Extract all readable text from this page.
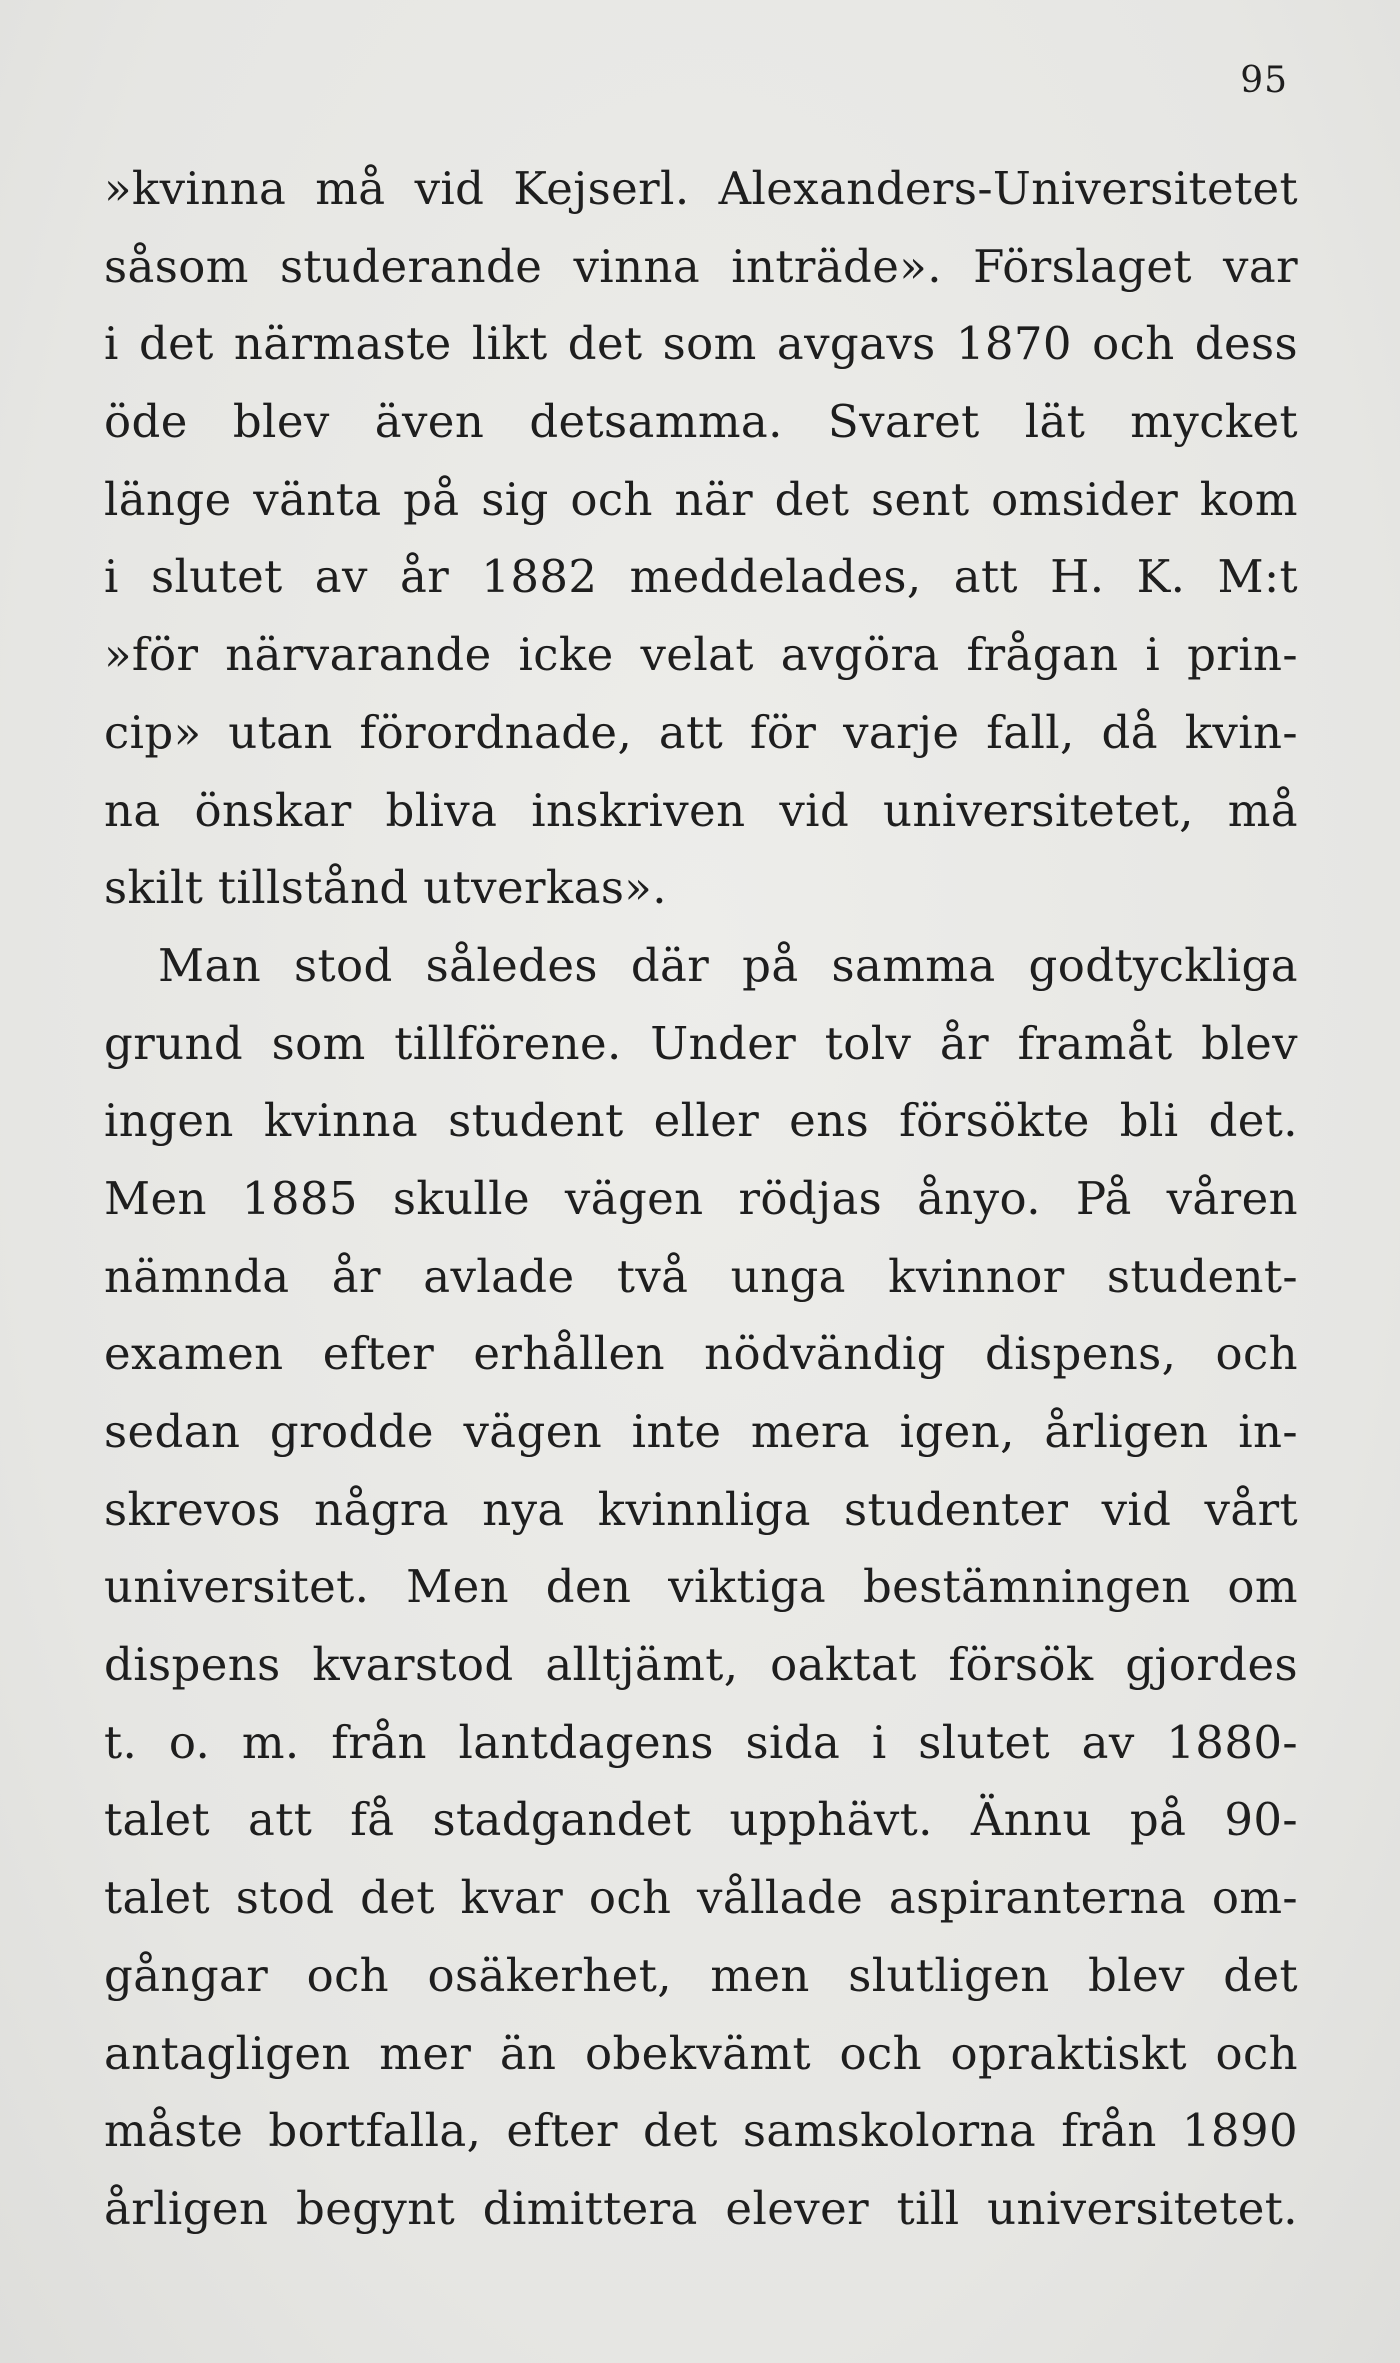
95
»kvinna må vid Kejserl. Alexanders-Universitetet
såsom studerande vinna inträde». Förslaget var
i det närmaste likt det som avgavs 1870 och dess
öde blev även detsamma. Svaret lät mycket
länge vänta på sig och när det sent omsider kom
i slutet av år 1882 meddelades, att H. K. M:t
»för närvarande icke velat avgöra frågan i prin-
cip» utan förordnade, att för varje fall, då kvin-
na önskar bliva inskriven vid universitetet, må
skilt tillstånd utverkas».
Man stod således där på samma godtyckliga
grund som tillförene. Under tolv år framåt blev
ingen kvinna student eller ens försökte bli det.
Men 1885 skulle vägen rödjas ånyo. På våren
nämnda år avlade två unga kvinnor student-
examen efter erhållen nödvändig dispens, och
sedan grodde vägen inte mera igen, årligen in-
skrevos några nya kvinnliga studenter vid vårt
universitet. Men den viktiga bestämningen om
dispens kvarstod alltjämt, oaktat försök gjordes
t. o. m. från lantdagens sida i slutet av 1880-
talet att få stadgandet upphävt. Ännu på 90-
talet stod det kvar och vållade aspiranterna om-
gångar och osäkerhet, men slutligen blev det
antagligen mer än obekvämt och opraktiskt och
måste bortfalla, efter det samskolorna från 1890
årligen begynt dimittera elever till universitetet.
